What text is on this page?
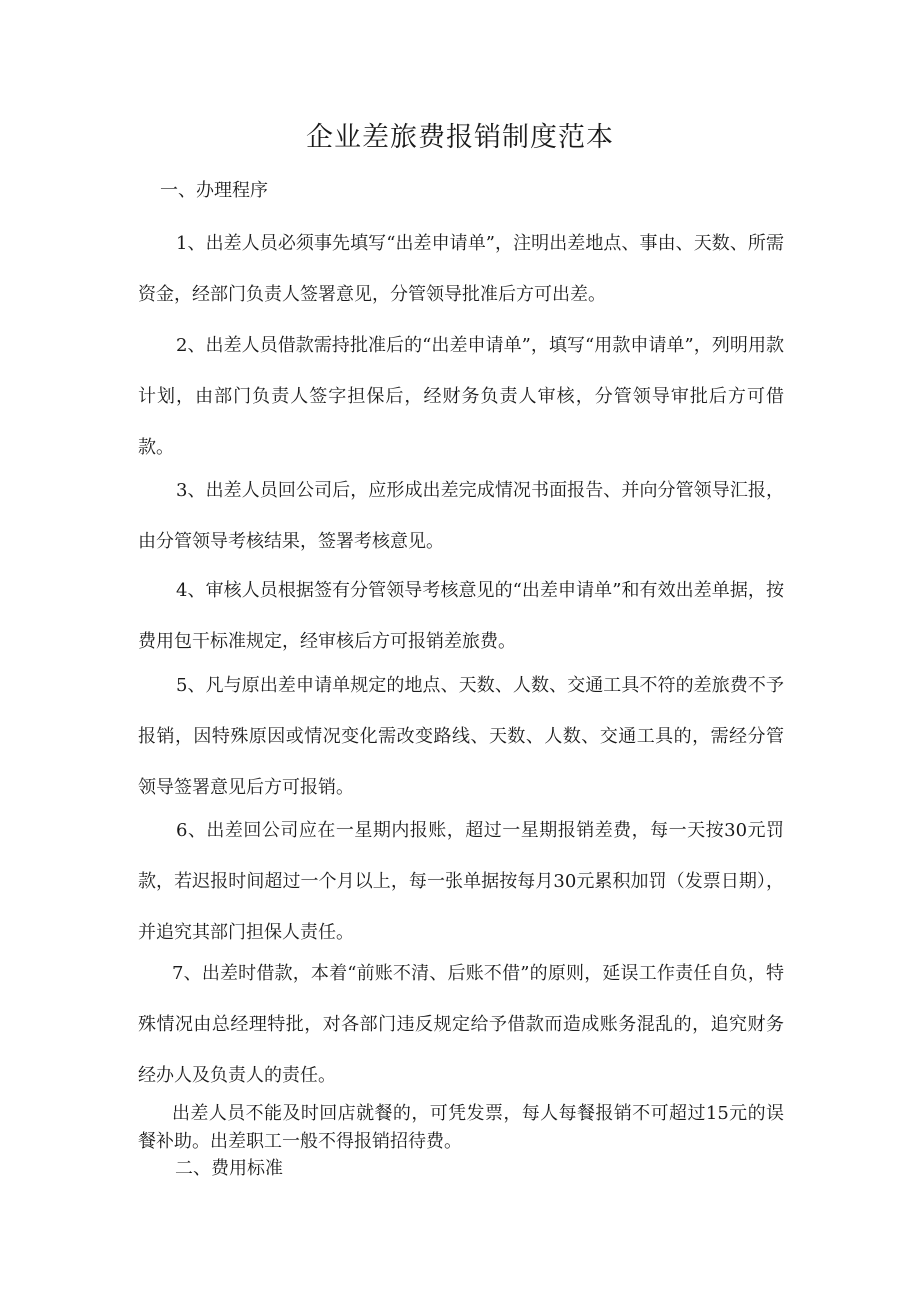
企业差旅费报销制度范本

一、办理程序

1、出差人员必须事先填写“出差申请单”，注明出差地点、事由、天数、所需资金，经部门负责人签署意见，分管领导批准后方可出差。

2、出差人员借款需持批准后的“出差申请单”，填写“用款申请单”，列明用款计划，由部门负责人签字担保后，经财务负责人审核，分管领导审批后方可借款。

3、出差人员回公司后，应形成出差完成情况书面报告、并向分管领导汇报，由分管领导考核结果，签署考核意见。

4、审核人员根据签有分管领导考核意见的“出差申请单”和有效出差单据，按费用包干标准规定，经审核后方可报销差旅费。

5、凡与原出差申请单规定的地点、天数、人数、交通工具不符的差旅费不予报销，因特殊原因或情况变化需改变路线、天数、人数、交通工具的，需经分管领导签署意见后方可报销。

6、出差回公司应在一星期内报账，超过一星期报销差费，每一天按30元罚款，若迟报时间超过一个月以上，每一张单据按每月30元累积加罚（发票日期），并追究其部门担保人责任。

7、出差时借款，本着“前账不清、后账不借”的原则，延误工作责任自负，特殊情况由总经理特批，对各部门违反规定给予借款而造成账务混乱的，追究财务经办人及负责人的责任。

出差人员不能及时回店就餐的，可凭发票，每人每餐报销不可超过15元的误餐补助。出差职工一般不得报销招待费。

二、费用标准
